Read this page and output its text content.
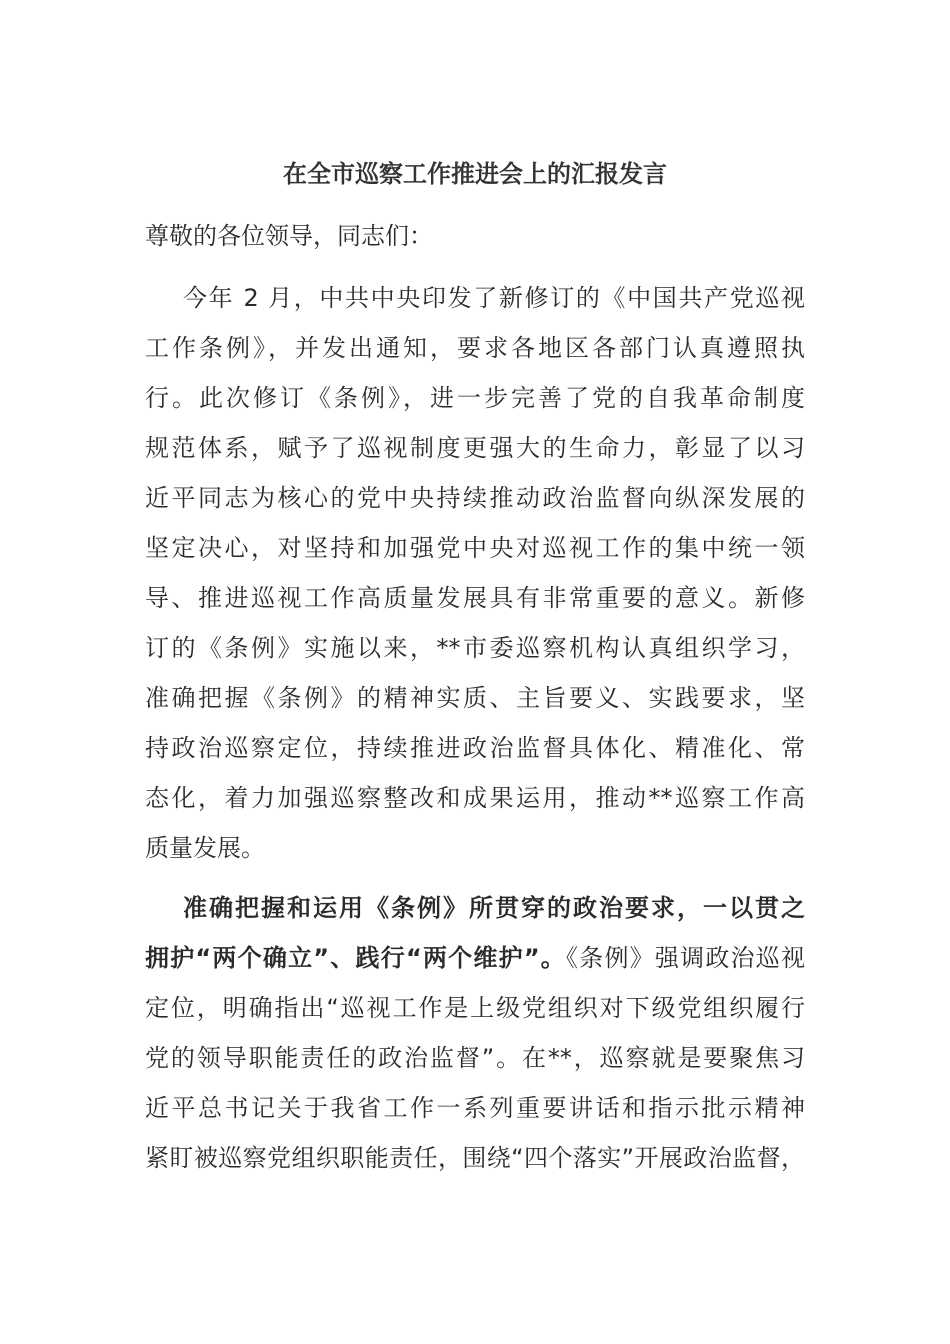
在全市巡察工作推进会上的汇报发言

尊敬的各位领导，同志们：

今年 2 月，中共中央印发了新修订的《中国共产党巡视

工作条例》，并发出通知，要求各地区各部门认真遵照执

行。此次修订《条例》，进一步完善了党的自我革命制度

规范体系，赋予了巡视制度更强大的生命力，彰显了以习

近平同志为核心的党中央持续推动政治监督向纵深发展的

坚定决心，对坚持和加强党中央对巡视工作的集中统一领

导、推进巡视工作高质量发展具有非常重要的意义。新修

订的《条例》实施以来，**市委巡察机构认真组织学习，

准确把握《条例》的精神实质、主旨要义、实践要求，坚

持政治巡察定位，持续推进政治监督具体化、精准化、常

态化，着力加强巡察整改和成果运用，推动**巡察工作高

质量发展。

准确把握和运用《条例》所贯穿的政治要求，一以贯之

拥护“两个确立”、践行“两个维护”。《条例》强调政治巡视

定位，明确指出“巡视工作是上级党组织对下级党组织履行

党的领导职能责任的政治监督”。在**，巡察就是要聚焦习

近平总书记关于我省工作一系列重要讲话和指示批示精神

紧盯被巡察党组织职能责任，围绕“四个落实”开展政治监督，
